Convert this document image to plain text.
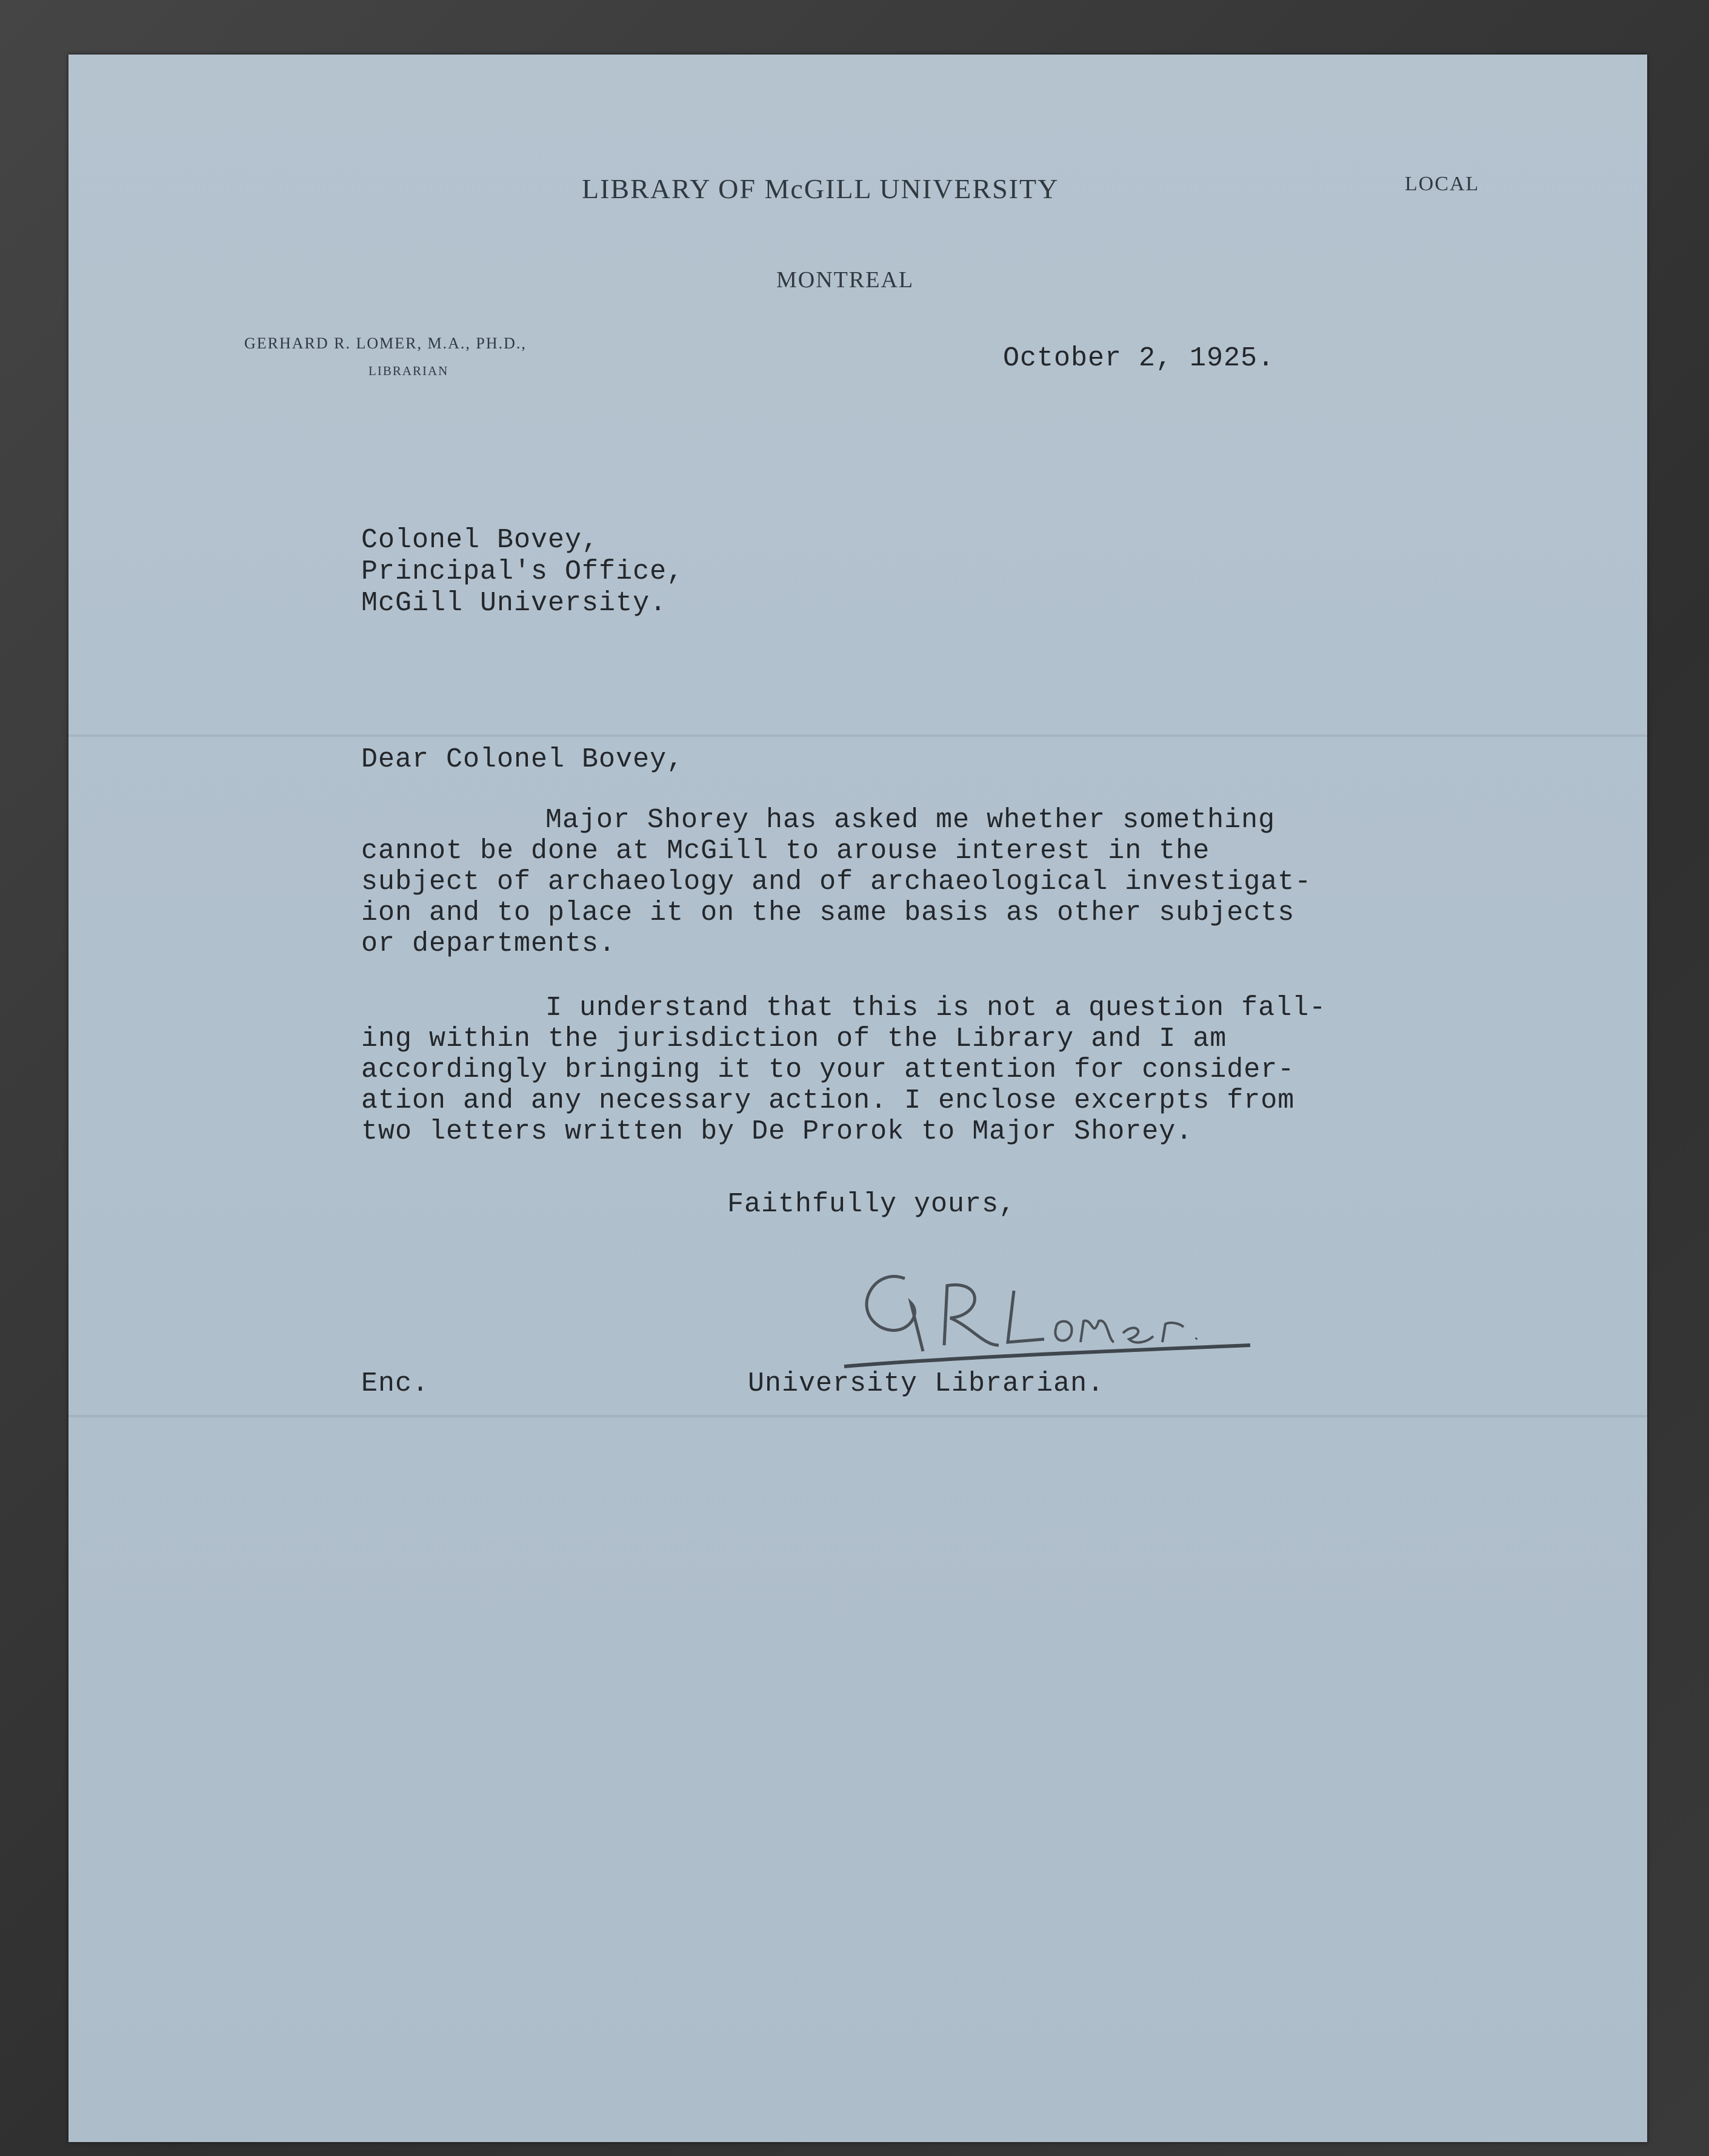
LIBRARY OF McGILL UNIVERSITY	LOCAL
MONTREAL
GERHARD R. LOMER, M.A., PH.D.,
LIBRARIAN	October 2, 1925.
Colonel Bovey,
Principal's Office,
McGill University.
Dear Colonel Bovey,
Major Shorey has asked me whether something
cannot be done at McGill to arouse interest in the
subject of archaeology and of archaeological investigat-
ion and to place it on the same basis as other subjects
or departments.
I understand that this is not a question fall-
ing within the jurisdiction of the Library and I am
accordingly bringing it to your attention for consider-
ation and any necessary action. I enclose excerpts from
two letters written by De Prorok to Major Shorey.
Faithfully yours,
Enc.	University Librarian.
